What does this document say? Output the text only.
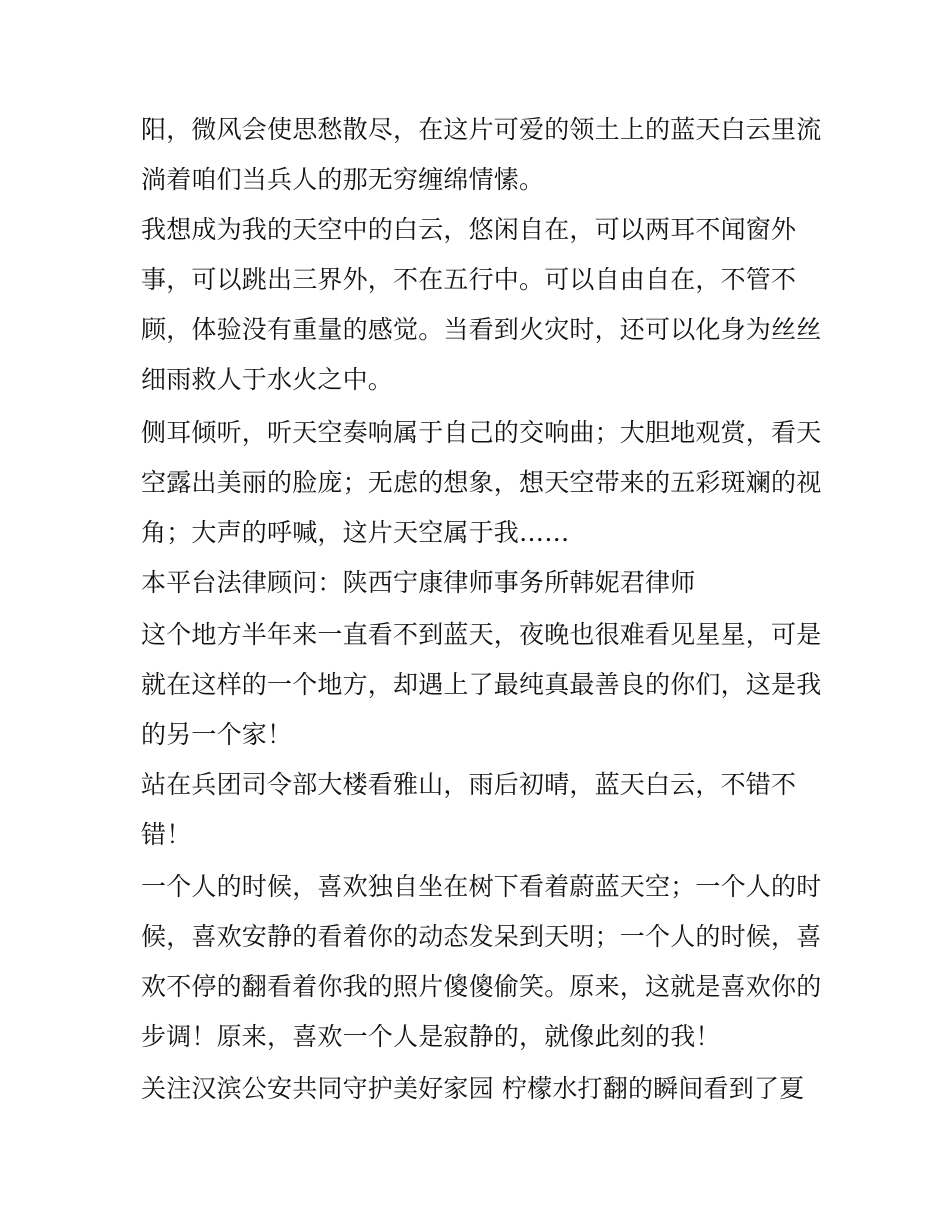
阳，微风会使思愁散尽，在这片可爱的领土上的蓝天白云里流
淌着咱们当兵人的那无穷缠绵情愫。
我想成为我的天空中的白云，悠闲自在，可以两耳不闻窗外
事，可以跳出三界外，不在五行中。可以自由自在，不管不
顾，体验没有重量的感觉。当看到火灾时，还可以化身为丝丝
细雨救人于水火之中。
侧耳倾听，听天空奏响属于自己的交响曲；大胆地观赏，看天
空露出美丽的脸庞；无虑的想象，想天空带来的五彩斑斓的视
角；大声的呼喊，这片天空属于我……
本平台法律顾问：陕西宁康律师事务所韩妮君律师
这个地方半年来一直看不到蓝天，夜晚也很难看见星星，可是
就在这样的一个地方，却遇上了最纯真最善良的你们，这是我
的另一个家！
站在兵团司令部大楼看雅山，雨后初晴，蓝天白云，不错不
错！
一个人的时候，喜欢独自坐在树下看着蔚蓝天空；一个人的时
候，喜欢安静的看着你的动态发呆到天明；一个人的时候，喜
欢不停的翻看着你我的照片傻傻偷笑。原来，这就是喜欢你的
步调！原来，喜欢一个人是寂静的，就像此刻的我！
关注汉滨公安共同守护美好家园 柠檬水打翻的瞬间看到了夏
